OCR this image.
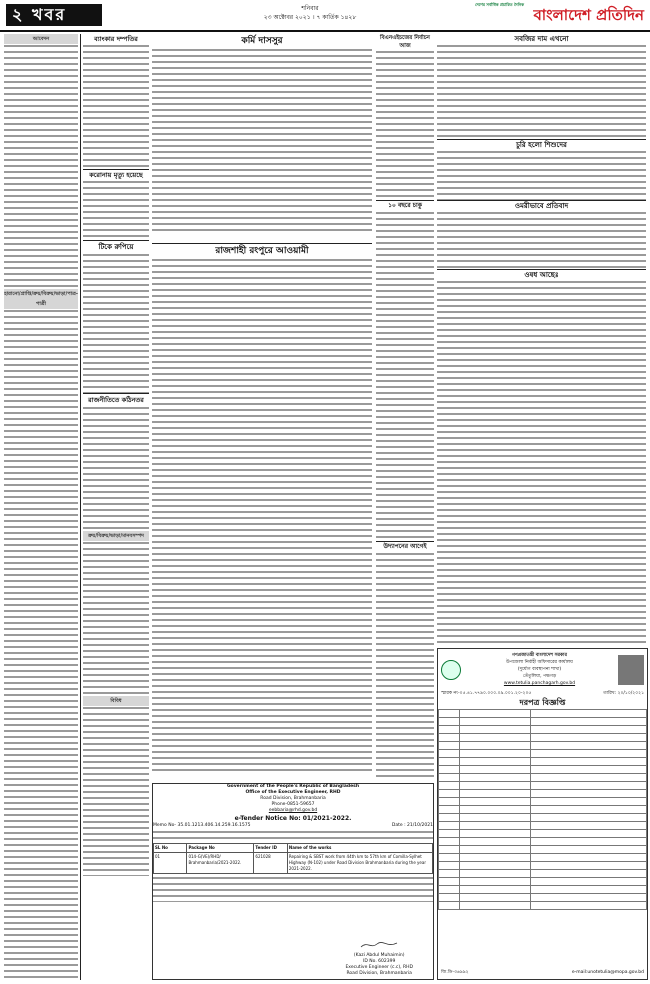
২ খবর	শনিবার
২৩ অক্টোবর ২০২১ । ৭ কার্তিক ১৪২৮
দেশের সর্বাধিক প্রচারিত দৈনিক
বাংলাদেশ প্রতিদিন
আবেদন
হারানো/প্রাপ্তি/ক্রয়/বিক্রয়/ভাড়া/পাত্র-পাত্রী
ব্যাংকার দম্পতির
করোনায় মৃত্যু হয়েছে
টিকে রুপিয়ে
রাজনীতিতে কঠিনতর
ক্রয়/বিক্রয়/ভাড়া/মানবসম্পদ
বিবিধ
কর্মি দাসসুর
রাজশাহী রংপুরে আওয়ামী
বিএনএইচজের নির্বাচন আজ
১০ বছরে চাকু
উদ্যাপনের আগেই
সবজির দাম এখনো
চুরি হলো শিশুদের
ওমরীভাবে প্রতিবাদ
ওষধ আছেঃ
Government of the People's Republic of Bangladesh
Office of the Executive Engineer, RHD
Road Division, Brahmanbaria
Phone-0851-59657
eebbaria@rhd.gov.bd
e-Tender Notice No: 01/2021-2022.
Memo No- 35.01.1213.406.14.259.16.1575	Date : 21/10/2021
SL No	Package No	Tender ID	Name of the works
01	014-G(VE)/RHD/ Brahmanbaria/2021-2022.	621028	Repairing & SBST work from 44th km to 57th km of Comilla-Sylhet Highway (N-102) under Road Division Brahmanbaria during the year 2021-2022.
(Kazi Abdul Muhaimin)
ID No. 602399
Executive Engineer (c.c), RHD
Road Division, Brahmanbaria
গণপ্রজাতন্ত্রী বাংলাদেশ সরকার
উপজেলা নির্বাহী অফিসারের কার্যালয়
(দুর্যোগ ব্যবস্থাপনা শাখা)
তেঁতুলিয়া, পঞ্চগড়
www.tetulia.panchagarh.gov.bd
স্মারক নং-০৫.৪১.৭৭৯০.০০০.০৯.০০১.২০-২০৫	তারিখ: ২০/১০/২০২১
দরপত্র বিজ্ঞপ্তি

জি.ডি-৩৬৯৯২	e-mail:unotetulia@mopa.gov.bd
